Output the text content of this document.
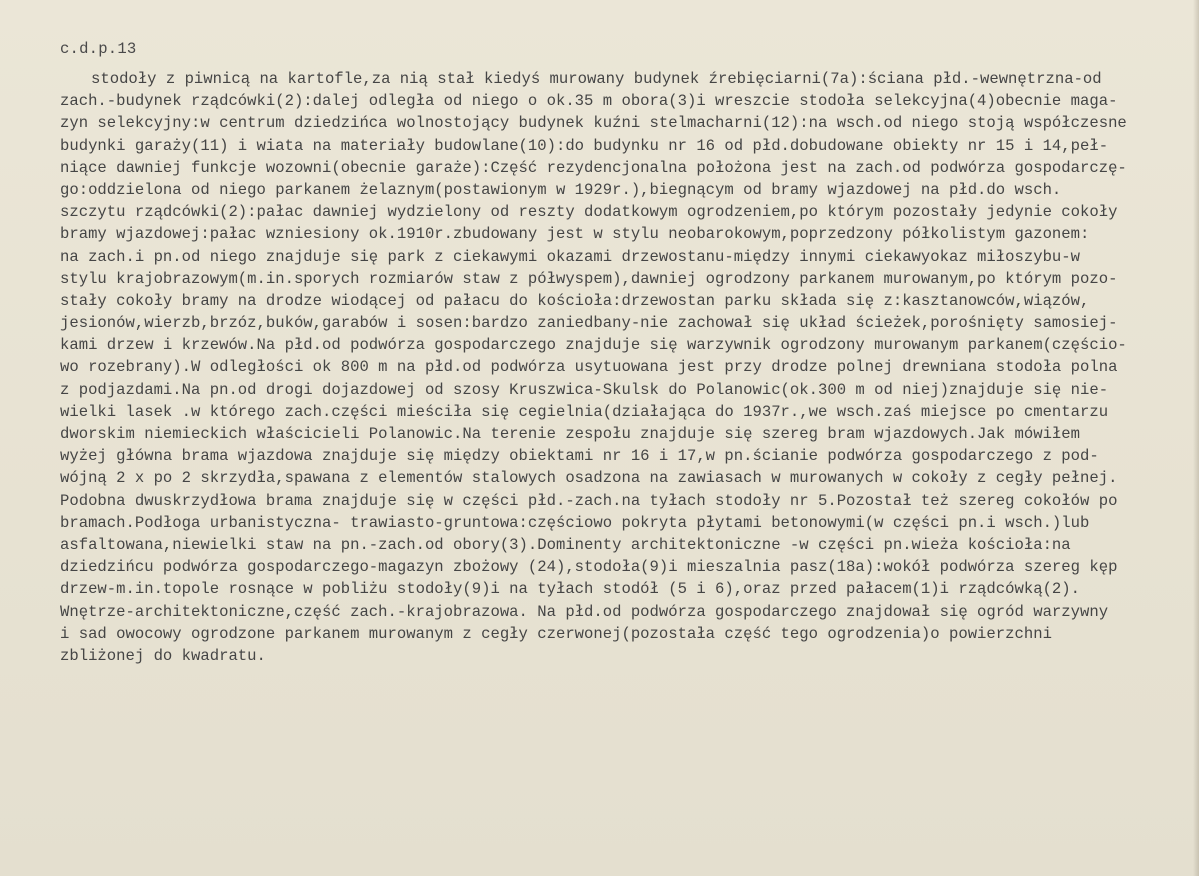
c.d.p.13
stodoły z piwnicą na kartofle,za nią stał kiedyś murowany budynek źrebięciarni(7a):ściana płd.-wewnętrzna-od
zach.-budynek rządcówki(2):dalej odległa od niego o ok.35 m obora(3)i wreszcie stodoła selekcyjna(4)obecnie maga-
zyn selekcyjny:w centrum dziedzińca wolnostojący budynek kuźni stelmacharni(12):na wsch.od niego stoją współczesne
budynki garaży(11) i wiata na materiały budowlane(10):do budynku nr 16 od płd.dobudowane obiekty nr 15 i 14,peł-
niące dawniej funkcje wozowni(obecnie garaże):Część rezydencjonalna położona jest na zach.od podwórza gospodarczę-
go:oddzielona od niego parkanem żelaznym(postawionym w 1929r.),biegnącym od bramy wjazdowej na płd.do wsch.
szczytu rządcówki(2):pałac dawniej wydzielony od reszty dodatkowym ogrodzeniem,po którym pozostały jedynie cokoły
bramy wjazdowej:pałac wzniesiony ok.1910r.zbudowany jest w stylu neobarokowym,poprzedzony półkolistym gazonem:
na zach.i pn.od niego znajduje się park z ciekawymi okazami drzewostanu-między innymi ciekawyokaz miłoszybu-w
stylu krajobrazowym(m.in.sporych rozmiarów staw z półwyspem),dawniej ogrodzony parkanem murowanym,po którym pozo-
stały cokoły bramy na drodze wiodącej od pałacu do kościoła:drzewostan parku składa się z:kasztanowców,wiązów,
jesionów,wierzb,brzóz,buków,garabów i sosen:bardzo zaniedbany-nie zachował się układ ścieżek,porośnięty samosiej-
kami drzew i krzewów.Na płd.od podwórza gospodarczego znajduje się warzywnik ogrodzony murowanym parkanem(częścio-
wo rozebrany).W odległości ok 800 m na płd.od podwórza usytuowana jest przy drodze polnej drewniana stodoła polna
z podjazdami.Na pn.od drogi dojazdowej od szosy Kruszwica-Skulsk do Polanowic(ok.300 m od niej)znajduje się nie-
wielki lasek .w którego zach.części mieściła się cegielnia(działająca do 1937r.,we wsch.zaś miejsce po cmentarzu
dworskim niemieckich właścicieli Polanowic.Na terenie zespołu znajduje się szereg bram wjazdowych.Jak mówiłem
wyżej główna brama wjazdowa znajduje się między obiektami nr 16 i 17,w pn.ścianie podwórza gospodarczego z pod-
wójną 2 x po 2 skrzydła,spawana z elementów stalowych osadzona na zawiasach w murowanych w cokoły z cegły pełnej.
Podobna dwuskrzydłowa brama znajduje się w części płd.-zach.na tyłach stodoły nr 5.Pozostał też szereg cokołów po
bramach.Podłoga urbanistyczna- trawiasto-gruntowa:częściowo pokryta płytami betonowymi(w części pn.i wsch.)lub
asfaltowana,niewielki staw na pn.-zach.od obory(3).Dominenty architektoniczne -w części pn.wieża kościoła:na
dziedzińcu podwórza gospodarczego-magazyn zbożowy (24),stodoła(9)i mieszalnia pasz(18a):wokół podwórza szereg kęp
drzew-m.in.topole rosnące w pobliżu stodoły(9)i na tyłach stodół (5 i 6),oraz przed pałacem(1)i rządcówką(2).
Wnętrze-architektoniczne,część zach.-krajobrazowa. Na płd.od podwórza gospodarczego znajdował się ogród warzywny
i sad owocowy ogrodzone parkanem murowanym z cegły czerwonej(pozostała część tego ogrodzenia)o powierzchni
zbliżonej do kwadratu.
